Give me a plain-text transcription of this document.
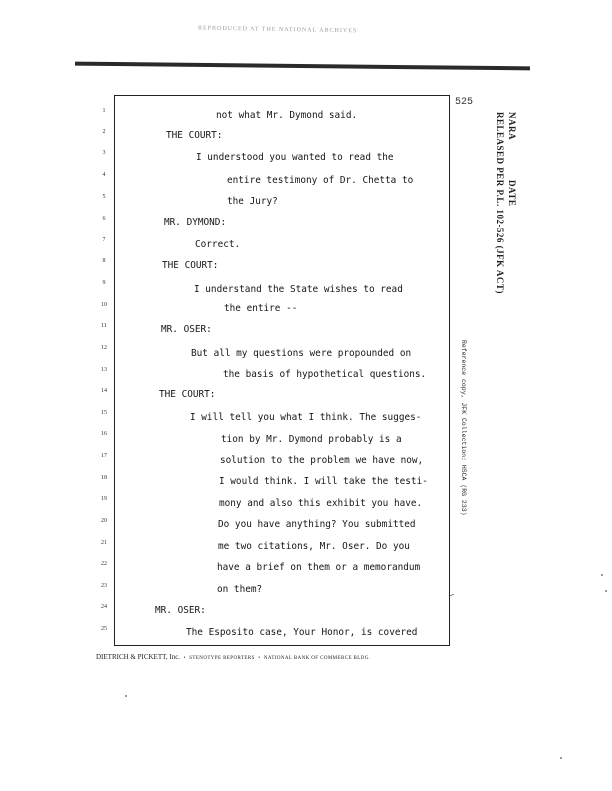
REPRODUCED AT THE NATIONAL ARCHIVES
525
1
2
3
4
5
6
7
8
9
10
11
12
13
14
15
16
17
18
19
20
21
22
23
24
25
not what Mr. Dymond said.
THE COURT:
I understood you wanted to read the
entire testimony of Dr. Chetta to
the Jury?
MR. DYMOND:
Correct.
THE COURT:
I understand the State wishes to read
the entire --
MR. OSER:
But all my questions were propounded on
the basis of hypothetical questions.
THE COURT:
I will tell you what I think. The sugges-
tion by Mr. Dymond probably is a
solution to the problem we have now,
I would think. I will take the testi-
mony and also this exhibit you have.
Do you have anything? You submitted
me two citations, Mr. Oser. Do you
have a brief on them or a memorandum
on them?
MR. OSER:
The Esposito case, Your Honor, is covered
RELEASED PER P.L. 102-526 (JFK ACT) NARA
DATE
Reference copy, JFK Collection: HSCA (RG 233)
✓
DIETRICH & PICKETT, Inc. • STENOTYPE REPORTERS • NATIONAL BANK OF COMMERCE BLDG.
